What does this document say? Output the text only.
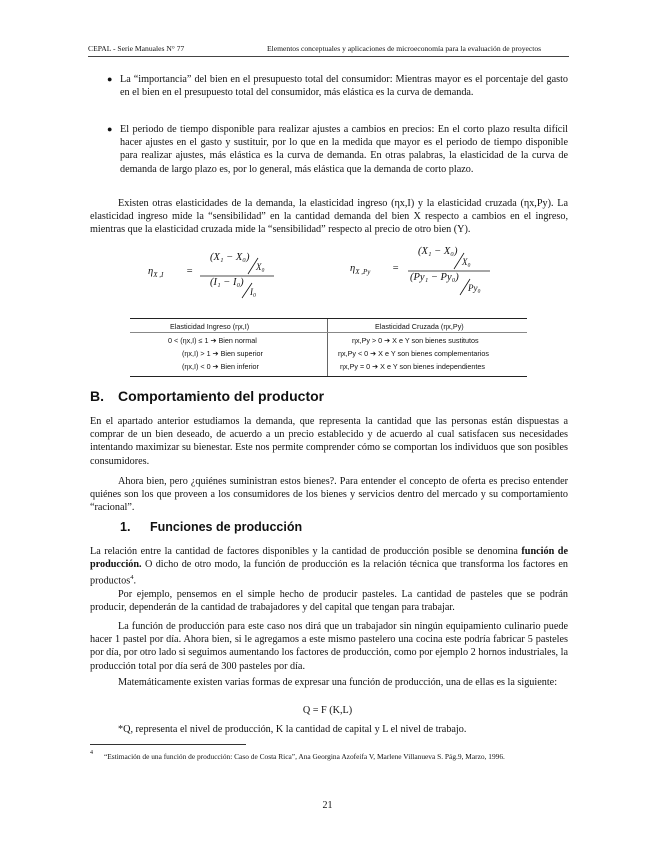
CEPAL - Serie Manuales N° 77	Elementos conceptuales y aplicaciones de microeconomía para la evaluación de proyectos
● La “importancia” del bien en el presupuesto total del consumidor: Mientras mayor es el porcentaje del gasto en el bien en el presupuesto total del consumidor, más elástica es la curva de demanda.
● El periodo de tiempo disponible para realizar ajustes a cambios en precios: En el corto plazo resulta difícil hacer ajustes en el gasto y sustituir, por lo que en la medida que mayor es el periodo de tiempo disponible para realizar ajustes, más elástica es la curva de demanda. En otras palabras, la elasticidad de la curva de demanda de largo plazo es, por lo general, más elástica que la demanda de corto plazo.
Existen otras elasticidades de la demanda, la elasticidad ingreso (ηx,I) y la elasticidad cruzada (ηx,Py). La elasticidad ingreso mide la “sensibilidad” en la cantidad demanda del bien X respecto a cambios en el ingreso, mientras que la elasticidad cruzada mide la “sensibilidad” respecto al precio de otro bien (Y).
$\eta_{X ,I}$ =
(X₁ − X₀)
X₀
(I₁ − I₀)
I₀
$\eta_{X ,Py}$ =
(X₁ − X₀)
X₀
(Py₁ − Py₀)
Py₀
Elasticidad Ingreso (ηx,I)	Elasticidad Cruzada (ηx,Py)
0 < (ηx,I) ≤ 1 ➔ Bien normal
(ηx,I) > 1 ➔ Bien superior
(ηx,I) < 0 ➔ Bien inferior
ηx,Py > 0 ➔ X e Y son bienes sustitutos
ηx,Py < 0 ➔ X e Y son bienes complementarios
ηx,Py = 0 ➔ X e Y son bienes independientes
B. Comportamiento del productor
En el apartado anterior estudiamos la demanda, que representa la cantidad que las personas están dispuestas a comprar de un bien deseado, de acuerdo a un precio establecido y de acuerdo al cual satisfacen sus necesidades intentando maximizar su bienestar. Este nos permite comprender cómo se comportan los individuos que son posibles consumidores.
Ahora bien, pero ¿quiénes suministran estos bienes?. Para entender el concepto de oferta es preciso entender quiénes son los que proveen a los consumidores de los bienes y servicios dentro del mercado y su comportamiento “racional”.
1. Funciones de producción
La relación entre la cantidad de factores disponibles y la cantidad de producción posible se denomina función de producción. O dicho de otro modo, la función de producción es la relación técnica que transforma los factores en productos$^4$.
Por ejemplo, pensemos en el simple hecho de producir pasteles. La cantidad de pasteles que se podrán producir, dependerán de la cantidad de trabajadores y del capital que tengan para trabajar.
La función de producción para este caso nos dirá que un trabajador sin ningún equipamiento culinario puede hacer 1 pastel por día. Ahora bien, si le agregamos a este mismo pastelero una cocina este podría fabricar 5 pasteles por día, por otro lado si seguimos aumentando los factores de producción, como por ejemplo 2 hornos industriales, la producción total por día será de 300 pasteles por día.
Matemáticamente existen varias formas de expresar una función de producción, una de ellas es la siguiente:
Q = F (K,L)
*Q, representa el nivel de producción, K la cantidad de capital y L el nivel de trabajo.
4 “Estimación de una función de producción: Caso de Costa Rica”, Ana Georgina Azofeifa V, Marlene Villanueva S. Pág.9, Marzo, 1996.
21
